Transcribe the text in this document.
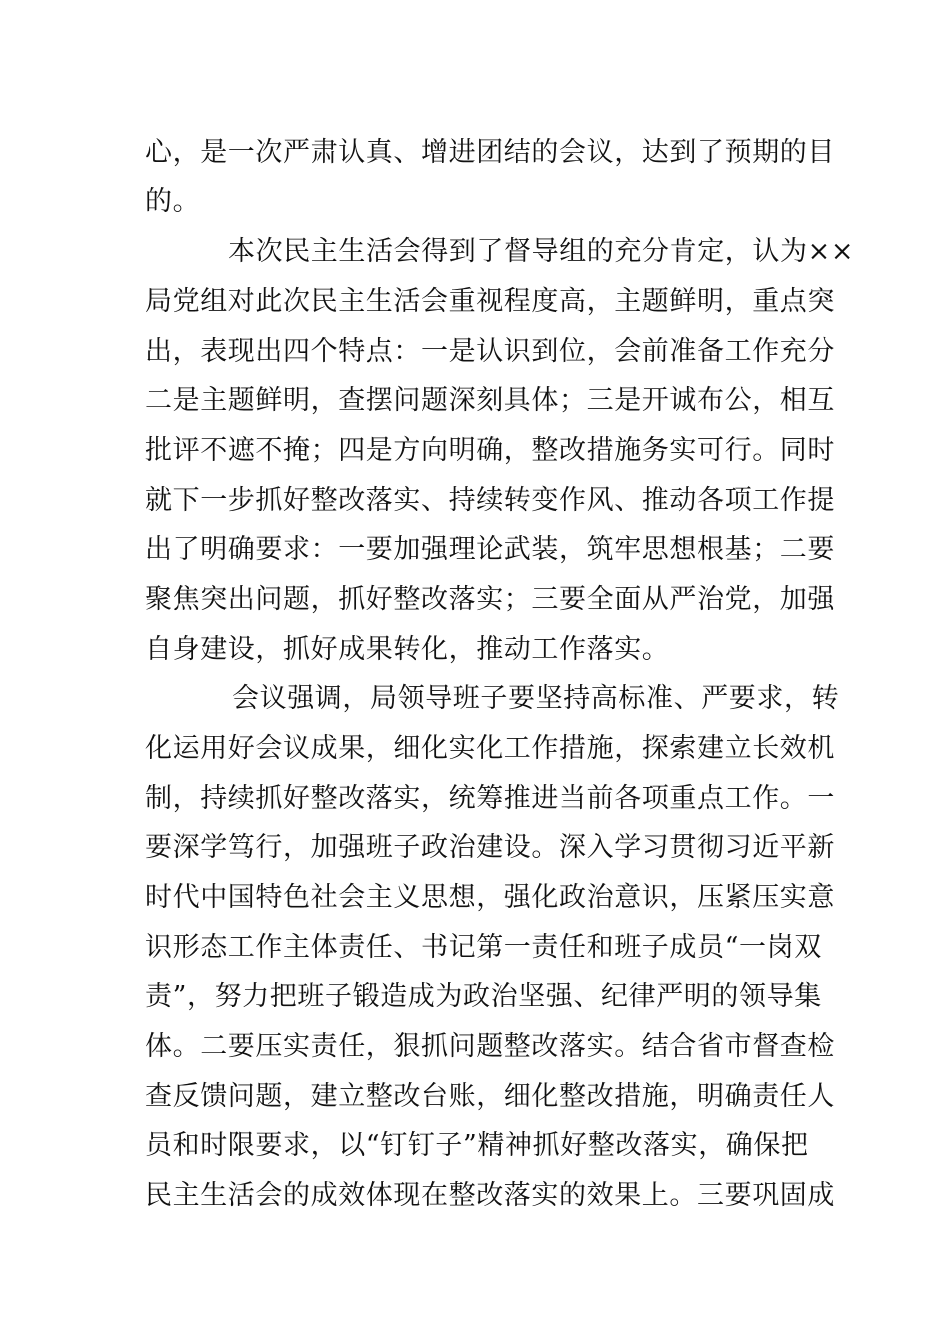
心，是一次严肃认真、增进团结的会议，达到了预期的目
的。
本次民主生活会得到了督导组的充分肯定，认为××
局党组对此次民主生活会重视程度高，主题鲜明，重点突
出，表现出四个特点：一是认识到位，会前准备工作充分
二是主题鲜明，查摆问题深刻具体；三是开诚布公，相互
批评不遮不掩；四是方向明确，整改措施务实可行。同时
就下一步抓好整改落实、持续转变作风、推动各项工作提
出了明确要求：一要加强理论武装，筑牢思想根基；二要
聚焦突出问题，抓好整改落实；三要全面从严治党，加强
自身建设，抓好成果转化，推动工作落实。
会议强调，局领导班子要坚持高标准、严要求，转
化运用好会议成果，细化实化工作措施，探索建立长效机
制，持续抓好整改落实，统筹推进当前各项重点工作。一
要深学笃行，加强班子政治建设。深入学习贯彻习近平新
时代中国特色社会主义思想，强化政治意识，压紧压实意
识形态工作主体责任、书记第一责任和班子成员“一岗双
责”，努力把班子锻造成为政治坚强、纪律严明的领导集
体。二要压实责任，狠抓问题整改落实。结合省市督查检
查反馈问题，建立整改台账，细化整改措施，明确责任人
员和时限要求，以“钉钉子”精神抓好整改落实，确保把
民主生活会的成效体现在整改落实的效果上。三要巩固成
